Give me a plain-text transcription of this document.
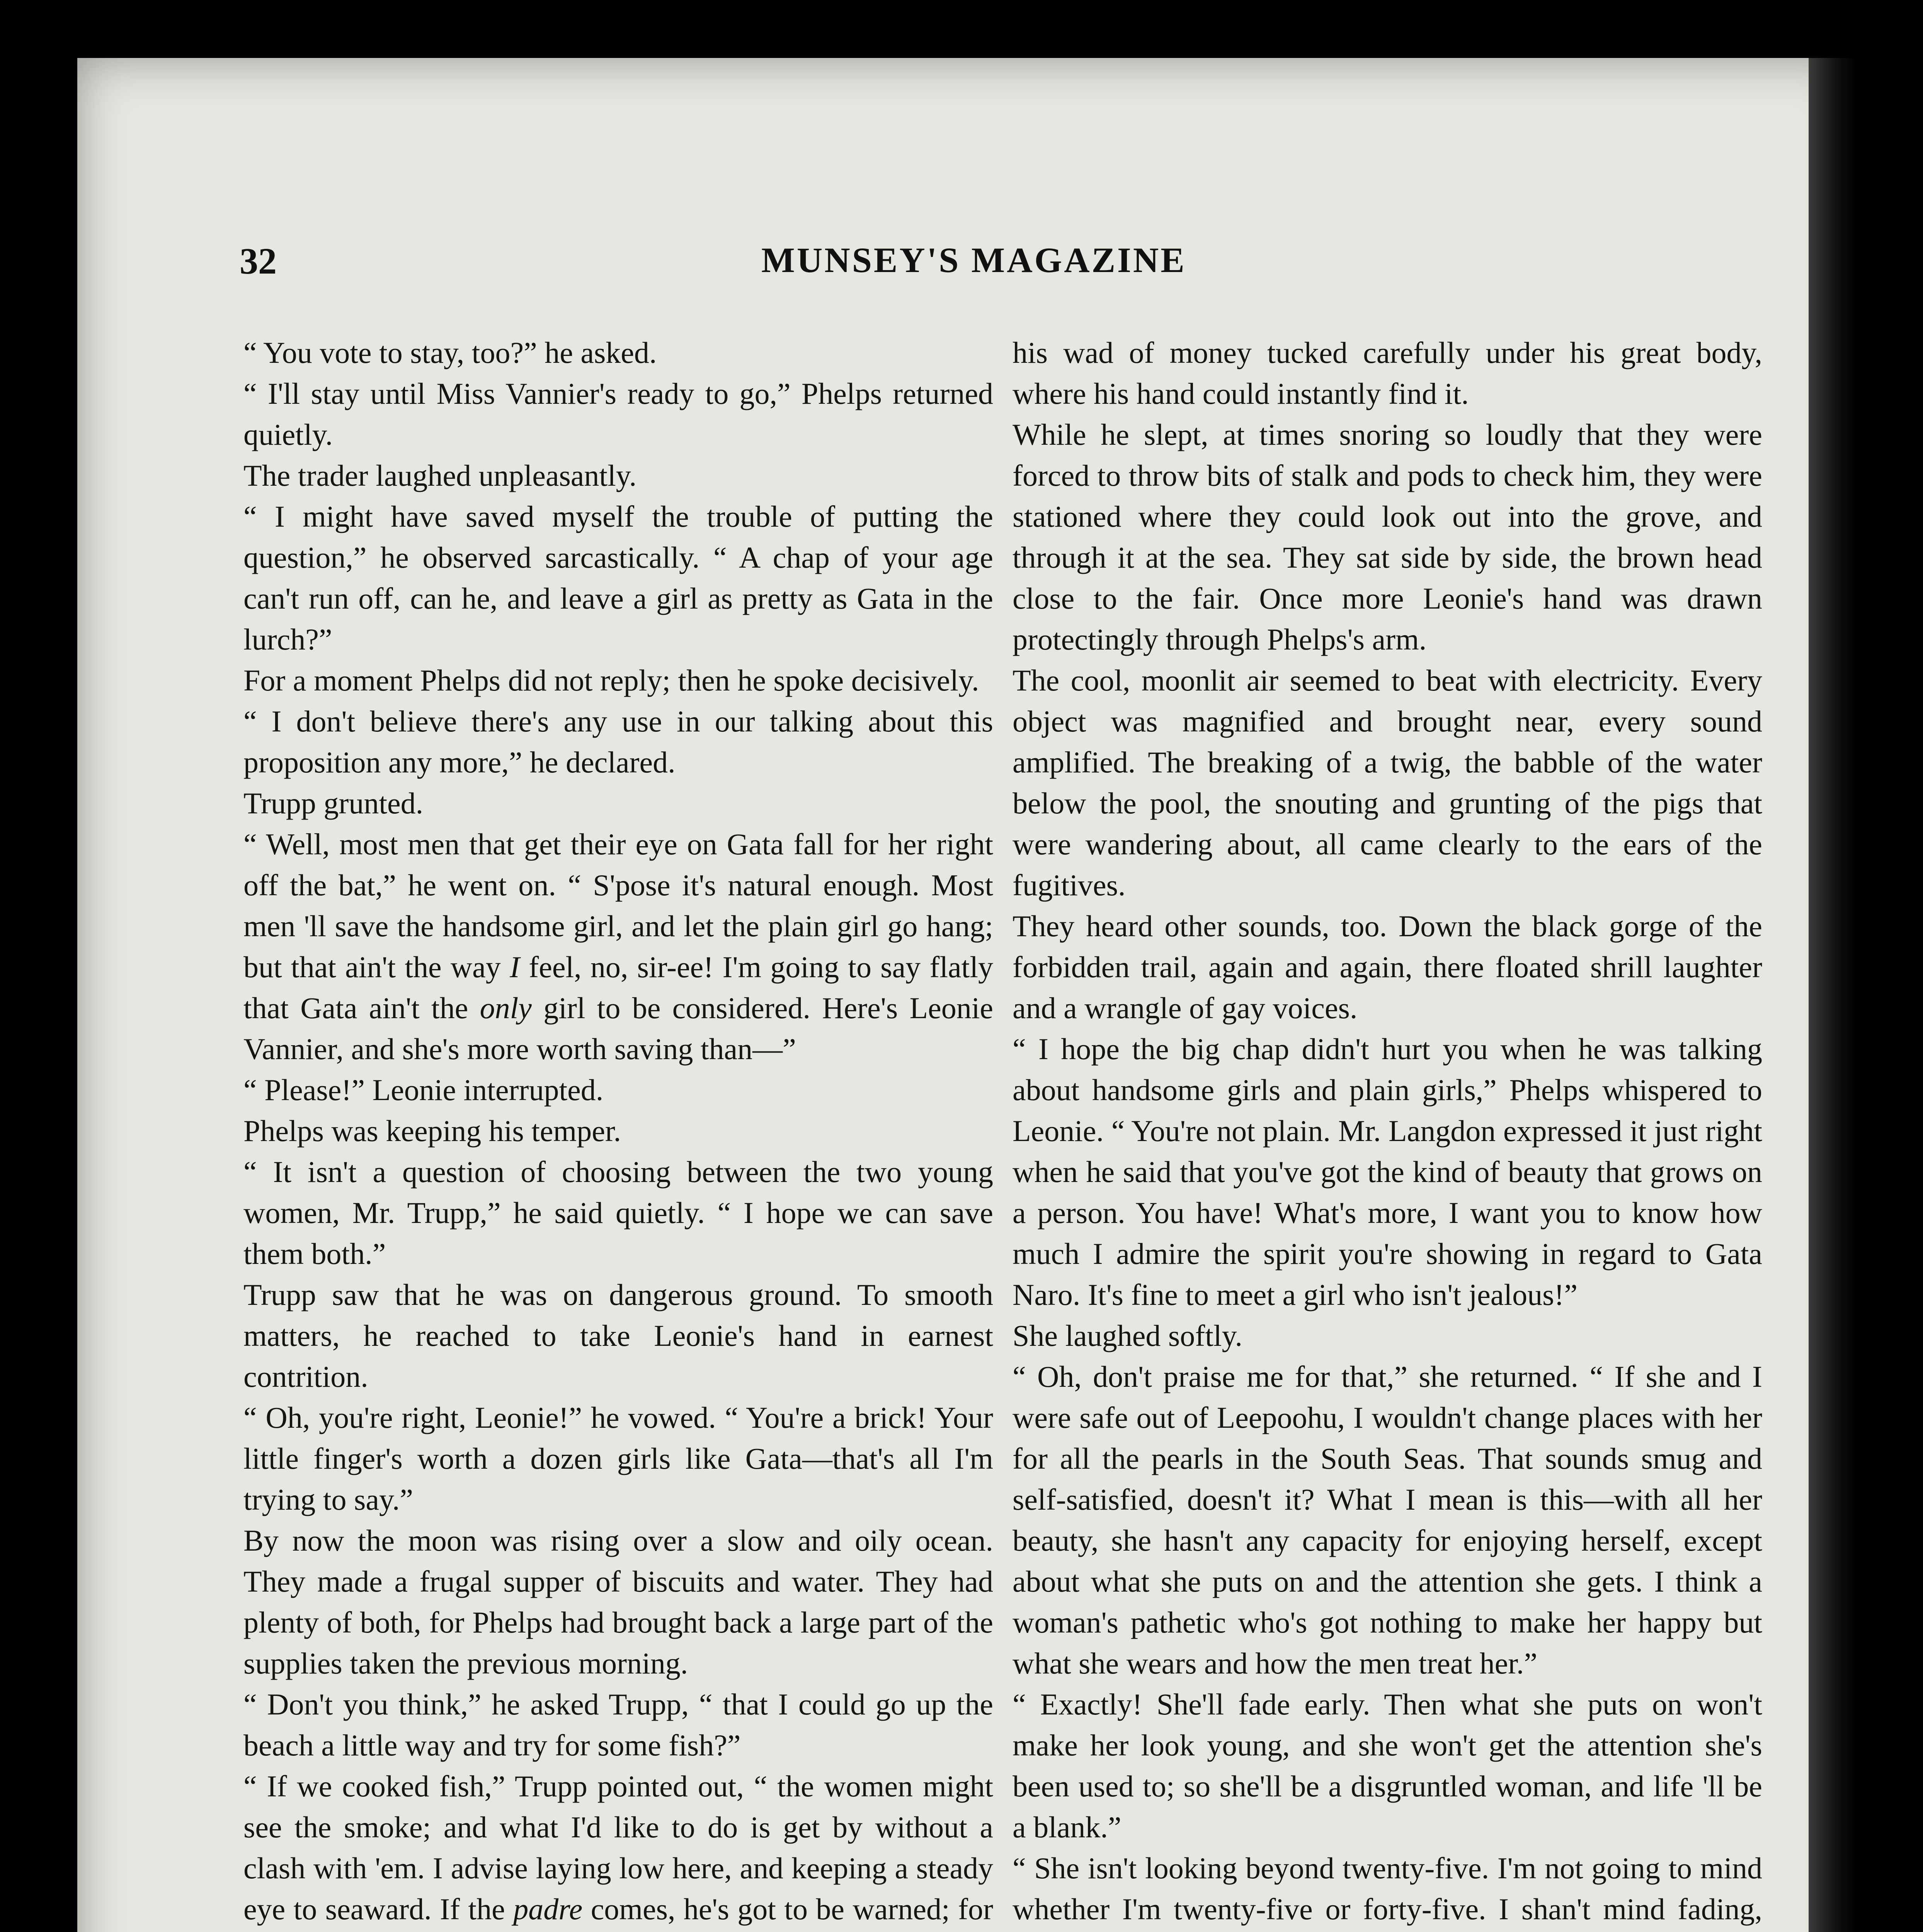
32	MUNSEY'S MAGAZINE

“ You vote to stay, too?” he asked.

“ I'll stay until Miss Vannier's ready to go,” Phelps returned quietly.

The trader laughed unpleasantly.

“ I might have saved myself the trouble of putting the question,” he observed sarcastically. “ A chap of your age can't run off, can he, and leave a girl as pretty as Gata in the lurch?”

For a moment Phelps did not reply; then he spoke decisively.

“ I don't believe there's any use in our talking about this proposition any more,” he declared.

Trupp grunted.

“ Well, most men that get their eye on Gata fall for her right off the bat,” he went on. “ S'pose it's natural enough. Most men 'll save the handsome girl, and let the plain girl go hang; but that ain't the way I feel, no, sir-ee! I'm going to say flatly that Gata ain't the only girl to be considered. Here's Leonie Vannier, and she's more worth saving than—”

“ Please!” Leonie interrupted.

Phelps was keeping his temper.

“ It isn't a question of choosing between the two young women, Mr. Trupp,” he said quietly. “ I hope we can save them both.”

Trupp saw that he was on dangerous ground. To smooth matters, he reached to take Leonie's hand in earnest contrition.

“ Oh, you're right, Leonie!” he vowed. “ You're a brick! Your little finger's worth a dozen girls like Gata—that's all I'm trying to say.”

By now the moon was rising over a slow and oily ocean. They made a frugal supper of biscuits and water. They had plenty of both, for Phelps had brought back a large part of the supplies taken the previous morning.

“ Don't you think,” he asked Trupp, “ that I could go up the beach a little way and try for some fish?”

“ If we cooked fish,” Trupp pointed out, “ the women might see the smoke; and what I'd like to do is get by without a clash with 'em. I advise laying low here, and keeping a steady eye to seaward. If the padre comes, he's got to be warned; for

his wad of money tucked carefully under his great body, where his hand could instantly find it.

While he slept, at times snoring so loudly that they were forced to throw bits of stalk and pods to check him, they were stationed where they could look out into the grove, and through it at the sea. They sat side by side, the brown head close to the fair. Once more Leonie's hand was drawn protectingly through Phelps's arm.

The cool, moonlit air seemed to beat with electricity. Every object was magnified and brought near, every sound amplified. The breaking of a twig, the babble of the water below the pool, the snouting and grunting of the pigs that were wandering about, all came clearly to the ears of the fugitives.

They heard other sounds, too. Down the black gorge of the forbidden trail, again and again, there floated shrill laughter and a wrangle of gay voices.

“ I hope the big chap didn't hurt you when he was talking about handsome girls and plain girls,” Phelps whispered to Leonie. “ You're not plain. Mr. Langdon expressed it just right when he said that you've got the kind of beauty that grows on a person. You have! What's more, I want you to know how much I admire the spirit you're showing in regard to Gata Naro. It's fine to meet a girl who isn't jealous!”

She laughed softly.

“ Oh, don't praise me for that,” she returned. “ If she and I were safe out of Leepoohu, I wouldn't change places with her for all the pearls in the South Seas. That sounds smug and self-satisfied, doesn't it? What I mean is this—with all her beauty, she hasn't any capacity for enjoying herself, except about what she puts on and the attention she gets. I think a woman's pathetic who's got nothing to make her happy but what she wears and how the men treat her.”

“ Exactly! She'll fade early. Then what she puts on won't make her look young, and she won't get the attention she's been used to; so she'll be a disgruntled woman, and life 'll be a blank.”

“ She isn't looking beyond twenty-five. I'm not going to mind whether I'm twenty-five or forty-five. I shan't mind fading,
